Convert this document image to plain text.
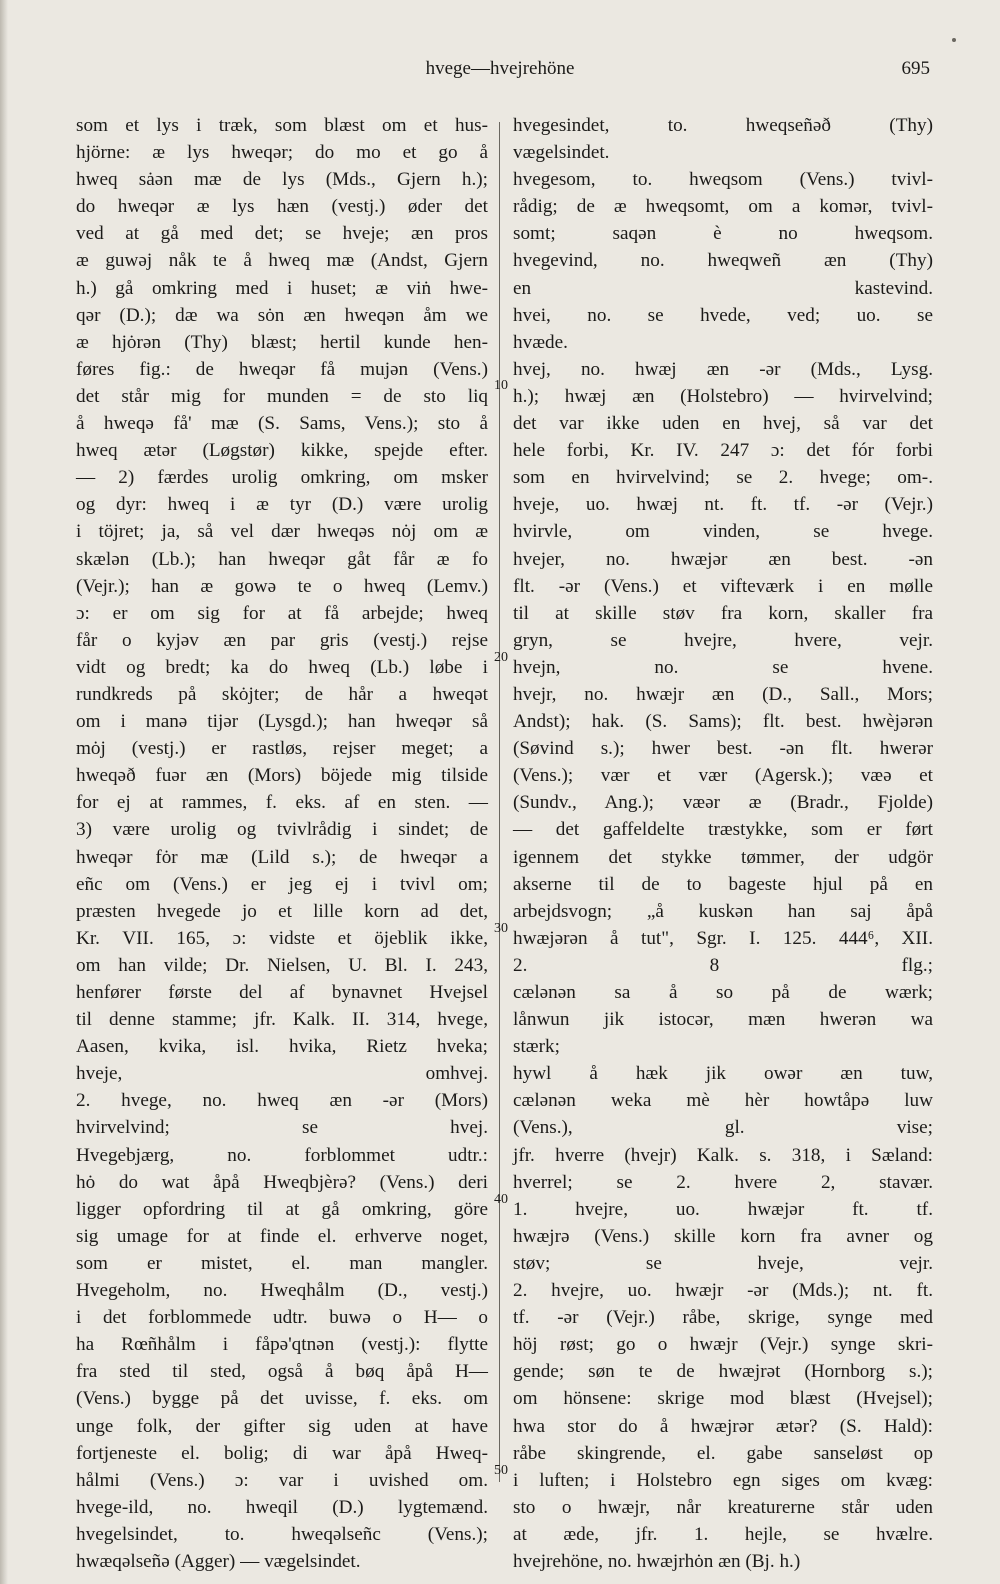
hvege—hvejrehöne	695
som et lys i træk, som blæst om et hus-
hjörne: æ lys hweqər; do mo et go å
hweq sȧən mæ de lys (Mds., Gjern h.);
do hweqər æ lys hæn (vestj.) øder det
ved at gå med det; se hveje; æn pros
æ guwəj nåk te å hweq mæ (Andst, Gjern
h.) gå omkring med i huset; æ viṅ hwe-
qər (D.); dæ wa sȯn æn hweqən åm we
æ hjȯrən (Thy) blæst; hertil kunde hen-
føres fig.: de hweqər få mujən (Vens.)
det står mig for munden = de sto liq
å hweqə få' mæ (S. Sams, Vens.); sto å
hweq ætər (Løgstør) kikke, spejde efter.
— 2) færdes urolig omkring, om msker
og dyr: hweq i æ tyr (D.) være urolig
i töjret; ja, så vel dær hweqəs nȯj om æ
skælən (Lb.); han hweqər gåt får æ fo
(Vejr.); han æ gowə te o hweq (Lemv.)
ɔ: er om sig for at få arbejde; hweq
får o kyjəv æn par gris (vestj.) rejse
vidt og bredt; ka do hweq (Lb.) løbe i
rundkreds på skȯjter; de hår a hweqət
om i manə tijər (Lysgd.); han hweqər så
mȯj (vestj.) er rastløs, rejser meget; a
hweqəð fuər æn (Mors) böjede mig tilside
for ej at rammes, f. eks. af en sten. —
3) være urolig og tvivlrådig i sindet; de
hweqər fȯr mæ (Lild s.); de hweqər a
eñc om (Vens.) er jeg ej i tvivl om;
præsten hvegede jo et lille korn ad det,
Kr. VII. 165, ɔ: vidste et öjeblik ikke,
om han vilde; Dr. Nielsen, U. Bl. I. 243,
henfører første del af bynavnet Hvejsel
til denne stamme; jfr. Kalk. II. 314, hvege,
Aasen, kvika, isl. hvika, Rietz hveka;
hveje, omhvej.
2. hvege, no. hweq æn -ər (Mors)
hvirvelvind; se hvej.
Hvegebjærg, no. forblommet udtr.:
hȯ do wat åpå Hweqbjèrə? (Vens.) deri
ligger opfordring til at gå omkring, göre
sig umage for at finde el. erhverve noget,
som er mistet, el. man mangler.
Hvegeholm, no. Hweqhålm (D., vestj.)
i det forblommede udtr. buwə o H— o
ha Rœñhålm i fåpə'qtnən (vestj.): flytte
fra sted til sted, også å bøq åpå H—
(Vens.) bygge på det uvisse, f. eks. om
unge folk, der gifter sig uden at have
fortjeneste el. bolig; di war åpå Hweq-
hålmi (Vens.) ɔ: var i uvished om.
hvege-ild, no. hweqil (D.) lygtemænd.
hvegelsindet, to. hweqəlseñc (Vens.);
hwæqəlseñə (Agger) — vægelsindet.
hvegesindet, to. hweqseñəð (Thy)
vægelsindet.
hvegesom, to. hweqsom (Vens.) tvivl-
rådig; de æ hweqsomt, om a komər, tvivl-
somt; saqən è no hweqsom.
hvegevind, no. hweqweñ æn (Thy)
en kastevind.
hvei, no. se hvede, ved; uo. se
hvæde.
hvej, no. hwæj æn -ər (Mds., Lysg.
h.); hwæj æn (Holstebro) — hvirvelvind;
det var ikke uden en hvej, så var det
hele forbi, Kr. IV. 247 ɔ: det fór forbi
som en hvirvelvind; se 2. hvege; om-.
hveje, uo. hwæj nt. ft. tf. -ər (Vejr.)
hvirvle, om vinden, se hvege.
hvejer, no. hwæjər æn best. -ən
flt. -ər (Vens.) et vifteværk i en mølle
til at skille støv fra korn, skaller fra
gryn, se hvejre, hvere, vejr.
hvejn, no. se hvene.
hvejr, no. hwæjr æn (D., Sall., Mors;
Andst); hak. (S. Sams); flt. best. hwèjərən
(Søvind s.); hwer best. -ən flt. hwerər
(Vens.); vær et vær (Agersk.); væə et
(Sundv., Ang.); væər æ (Bradr., Fjolde)
— det gaffeldelte træstykke, som er ført
igennem det stykke tømmer, der udgör
akserne til de to bageste hjul på en
arbejdsvogn; „å kuskən han saj åpå
hwæjərən å tut", Sgr. I. 125. 444⁶, XII.
2. 8 flg.;
cælənən sa å so på de wærk;
lånwun jik istocər, mæn hwerən wa
stærk;
hywl å hæk jik owər æn tuw,
cælənən weka mè hèr howtåpə luw
(Vens.), gl. vise;
jfr. hverre (hvejr) Kalk. s. 318, i Sæland:
hverrel; se 2. hvere 2, stavær.
1. hvejre, uo. hwæjər ft. tf.
hwæjrə (Vens.) skille korn fra avner og
støv; se hveje, vejr.
2. hvejre, uo. hwæjr -ər (Mds.); nt. ft.
tf. -ər (Vejr.) råbe, skrige, synge med
höj røst; go o hwæjr (Vejr.) synge skri-
gende; søn te de hwæjrət (Hornborg s.);
om hönsene: skrige mod blæst (Hvejsel);
hwa stor do å hwæjrər ætər? (S. Hald):
råbe skingrende, el. gabe sanseløst op
i luften; i Holstebro egn siges om kvæg:
sto o hwæjr, når kreaturerne står uden
at æde, jfr. 1. hejle, se hvælre.
hvejrehöne, no. hwæjrhȯn æn (Bj. h.)
10
20
30
40
50
